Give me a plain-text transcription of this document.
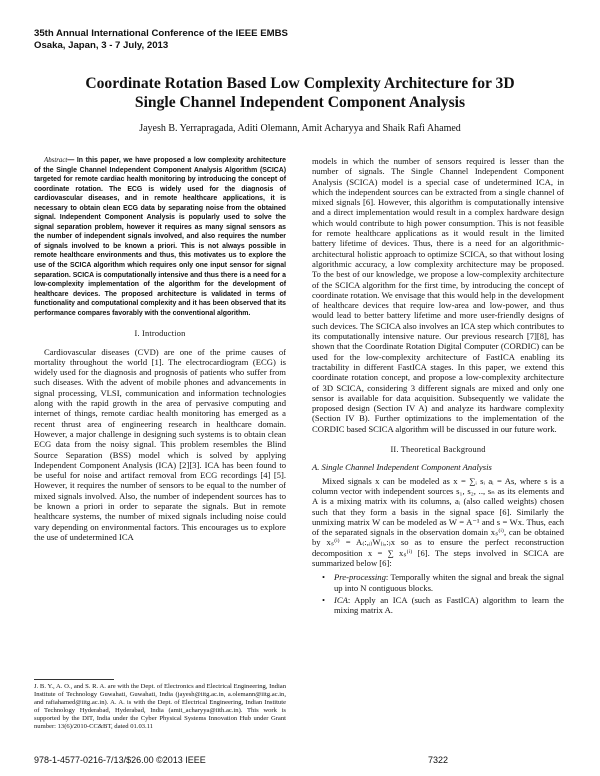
35th Annual International Conference of the IEEE EMBS
Osaka, Japan, 3 - 7 July, 2013
Coordinate Rotation Based Low Complexity Architecture for 3D
Single Channel Independent Component Analysis
Jayesh B. Yerrapragada, Aditi Olemann, Amit Acharyya and Shaik Rafi Ahamed

Abstract— In this paper, we have proposed a low complexity architecture of the Single Channel Independent Component Analysis Algorithm (SCICA) targeted for remote cardiac health monitoring by introducing the concept of coordinate rotation. The ECG is widely used for the diagnosis of cardiovascular diseases, and in remote healthcare applications, it is necessary to obtain clean ECG data by separating noise from the obtained signal. Independent Component Analysis is popularly used to solve the signal separation problem, however it requires as many signal sensors as the number of independent signals involved, and also requires the number of signals involved to be known a priori. This is not always possible in remote healthcare environments and thus, this motivates us to explore the use of the SCICA algorithm which requires only one input sensor for signal separation. SCICA is computationally intensive and thus there is a need for a low-complexity implementation of the algorithm for the development of healthcare devices. The proposed architecture is validated in terms of functionality and computational complexity and it has been observed that its performance compares favorably with the conventional algorithm.

I. Introduction

Cardiovascular diseases (CVD) are one of the prime causes of mortality throughout the world [1]. The electrocardiogram (ECG) is widely used for the diagnosis and prognosis of patients who suffer from such diseases. With the advent of mobile phones and advancements in signal processing, VLSI, communication and information technologies along with the rapid growth in the area of pervasive computing and internet of things, remote cardiac health monitoring has emerged as a recent thrust area of engineering research in healthcare domain. However, a major challenge in designing such systems is to obtain clean ECG data from the noisy signal. This problem resembles the Blind Source Separation (BSS) model which is solved by applying Independent Component Analysis (ICA) [2][3]. ICA has been found to be useful for noise and artifact removal from ECG recordings [4] [5]. However, it requires the number of sensors to be equal to the number of mixed signals involved. Also, the number of independent sources has to be known a priori in order to separate the signals. But in remote healthcare systems, the number of mixed signals including noise could vary depending on environmental factors. This encourages us to explore the use of undetermined ICA

J. B. Y., A. O., and S. R. A. are with the Dept. of Electronics and Electrical Engineering, Indian Institute of Technology Guwahati, Guwahati, India (jayesh@iitg.ac.in, a.olemann@iitg.ac.in, and rafiahamed@iitg.ac.in). A. A. is with the Dept. of Electrical Engineering, Indian Institute of Technology Hyderabad, Hyderabad, India (amit_acharyya@iith.ac.in). This work is supported by the DIT, India under the Cyber Physical Systems Innovation Hub under Grant number: 13(6)/2010-CC&BT, dated 01.03.11

models in which the number of sensors required is lesser than the number of signals. The Single Channel Independent Component Analysis (SCICA) model is a special case of undetermined ICA, in which the independent sources can be extracted from a single channel of mixed signals [6]. However, this algorithm is computationally intensive and a direct implementation would result in a complex hardware design which would contribute to high power consumption. This is not feasible for remote healthcare applications as it would result in the limited battery lifetime of devices. Thus, there is a need for an algorithmic-architectural holistic approach to optimize SCICA, so that without losing algorithmic accuracy, a low complexity architecture may be proposed. To the best of our knowledge, we propose a low-complexity architecture of the SCICA algorithm for the first time, by introducing the concept of coordinate rotation. We envisage that this would help in the development of healthcare devices that require low-area and low-power, and thus would lead to better battery lifetime and more user-friendly designs of such devices. The SCICA also involves an ICA step which contributes to its computationally intensive nature. Our previous research [7][8], has shown that the Coordinate Rotation Digital Computer (CORDIC) can be used for the low-complexity architecture of FastICA enabling its tractability in different FastICA stages. In this paper, we extend this coordinate rotation concept, and propose a low-complexity architecture of 3D SCICA, considering 3 different signals are mixed and only one sensor is available for data acquisition. Subsequently we validate the proposed design (Section IV A) and analyze its hardware complexity (Section IV B). Further optimizations to the implementation of the CORDIC based SCICA algorithm will be discussed in our future work.

II. Theoretical Background

A. Single Channel Independent Component Analysis

Mixed signals x can be modeled as x = ∑ᵢ sᵢ aᵢ = As, where s is a column vector with independent sources s₁, s₂, .., sₙ as its elements and A is a mixing matrix with its columns, aᵢ (also called weights) chosen such that they form a basis in the signal space [6]. Similarly the unmixing matrix W can be modeled as W = A⁻¹ and s = Wx. Thus, each of the separated signals in the observation domain xₛ⁽ⁱ⁾, can be obtained by xₛ⁽ⁱ⁾ = A₍:,ᵢ₎W₍ᵢ,:₎x so as to ensure the perfect reconstruction decomposition x = ∑ xₛ⁽ⁱ⁾ [6]. The steps involved in SCICA are summarized below [6]:

• Pre-processing: Temporally whiten the signal and break the signal up into N contiguous blocks.
• ICA: Apply an ICA (such as FastICA) algorithm to learn the mixing matrix A.
978-1-4577-0216-7/13/$26.00 ©2013 IEEE	7322
